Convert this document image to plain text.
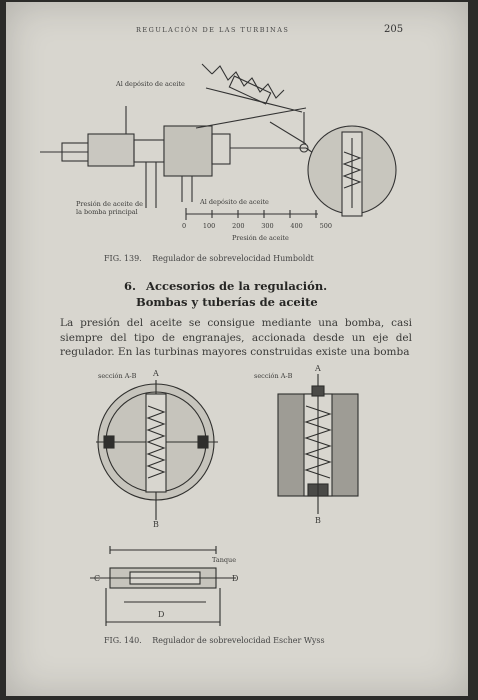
REGULACIÓN DE LAS TURBINAS	205
Al depósito de aceite
Presión de aceite de la bomba principal
Al depósito de aceite
0	100	200	300	400	500
Presión de aceite
FIG. 139. Regulador de sobrevelocidad Humboldt
6. Accesorios de la regulación.
Bombas y tuberías de aceite
La presión del aceite se consigue mediante una bomba, casi siempre del tipo de engranajes, accionada desde un eje del regulador. En las turbinas mayores construidas existe una bomba
sección A-B	sección A-B
A
B
A
B
C	D
D
Tanque
FIG. 140. Regulador de sobrevelocidad Escher Wyss
